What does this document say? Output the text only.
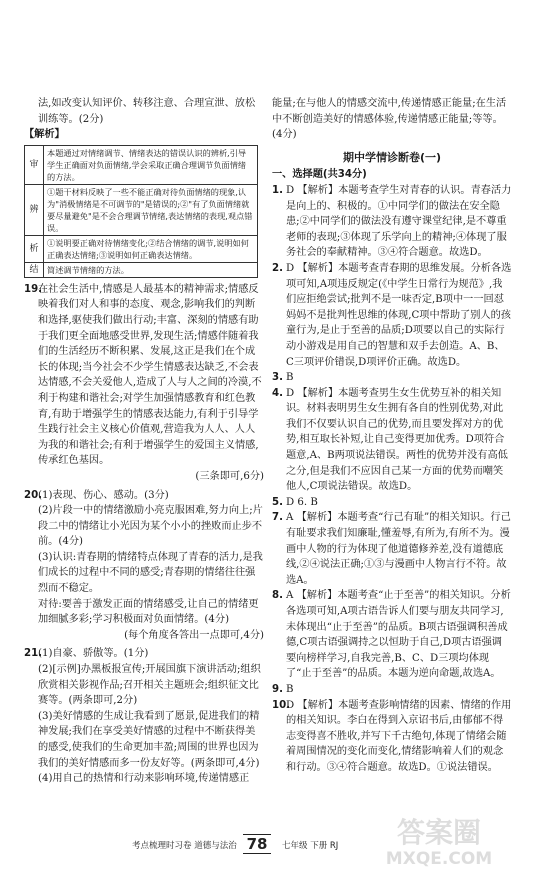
法,如改变认知评价、转移注意、合理宣泄、放松训练等。(2分)

【解析】

审	本题通过对情绪调节、情绪表达的错误认识的辨析,引导学生正确面对负面情绪,学会采取正确合理调节负面情绪的方法。
辨	①题干材料反映了一些不能正确对待负面情绪的现象,认为"消极情绪是不可调节的"是错误的;②"有了负面情绪就要尽量避免"是不会合理调节情绪,表达情绪的表现,观点错误。
析	①说明要正确对待情绪变化;②结合情绪的调节,说明如何正确表达情绪;③说明如何正确表达情绪。
结	简述调节情绪的方法。
19.

在社会生活中,情感是人最基本的精神需求;情感反映着我们对人和事的态度、观念,影响我们的判断和选择,驱使我们做出行动;丰富、深刻的情感有助于我们更全面地感受世界,发现生活;情感伴随着我们的生活经历不断积累、发展,这正是我们在个成长的体现;当今社会不少学生情感表达缺乏,不会表达情感,不会关爱他人,造成了人与人之间的冷漠,不利于构建和谐社会;对学生加强情感教育和红色教育,有助于增强学生的情感表达能力,有利于引导学生践行社会主义核心价值观,营造我为人人、人人为我的和谐社会;有利于增强学生的爱国主义情感,传承红色基因。

(三条即可,6分)

20.

(1)表现、伤心、感动。(3分)

(2)片段一中的情绪激励小亮克服困难,努力向上;片段二中的情绪让小光因为某个小小的挫败而止步不前。(4分)

(3)认识:青春期的情绪特点体现了青春的活力,是我们成长的过程中不同的感受;青春期的情绪往往强烈而不稳定。

对待:要善于激发正面的情绪感受,让自己的情绪更加细腻多彩;学习积极面对负面情绪。(4分)

(每个角度各答出一点即可,4分)

21.

(1)自豪、骄傲等。(1分)

(2)[示例]办黑板报宣传;开展国旗下演讲活动;组织欣赏相关影视作品;召开相关主题班会;组织征文比赛等。(两条即可,2分)

(3)美好情感的生成让我看到了愿景,促进我们的精神发展;我们在享受美好情感的过程中不断获得美的感受,使我们的生命更加丰盈;周围的世界也因为我们的美好情感而多一份友好等。(两条即可,4分)

(4)用自己的热情和行动来影响环境,传递情感正

能量;在与他人的情感交流中,传递情感正能量;在生活中不断创造美好的情感体验,传递情感正能量;等等。(4分)

期中学情诊断卷(一)

一、选择题(共34分)

1. D 【解析】本题考查学生对青春的认识。青春活力是向上的、积极的。①中同学们的做法在安全隐患;②中同学们的做法没有遵守课堂纪律,是不尊重老师的表现;③体现了乐学向上的精神;④体现了服务社会的奉献精神。③④符合题意。故选D。

2. D 【解析】本题考查青春期的思维发展。分析各选项可知,A项违反规定(《中学生日常行为规范》,我们应拒绝尝试;批判不是一味否定,B项中一一回怼妈妈不是批判性思维的体现,C项中帮助了别人的孩童行为,是止于至善的品质;D项要以自己的实际行动小游戏是用自己的智慧和双手去创造。A、B、C三项评价错误,D项评价正确。故选D。

3. B

4. D 【解析】本题考查男生女生优势互补的相关知识。材料表明男生女生拥有各自的性别优势,对此我们不仅要认识自己的优势,而且要发挥对方的优势,相互取长补短,让自己变得更加优秀。D项符合题意,A、B两项说法错误。两性的优势并没有高低之分,但是我们不应因自己某一方面的优势而嘲笑他人,C项说法错误。故选D。

5. D 6. B

7. A 【解析】本题考查“行己有耻”的相关知识。行己有耻要求我们知廉耻,懂羞辱,有所为,有所不为。漫画中人物的行为体现了他道德修养差,没有道德底线,②④说法正确;①③与漫画中人物言行不符。故选A。

8. A 【解析】本题考查“止于至善”的相关知识。分析各选项可知,A项古语告诉人们要与朋友共同学习,未体现出“止于至善”的品质。B项古语强调积善成德,C项古语强调持之以恒助于自己,D项古语强调要向榜样学习,自我完善,B、C、D三项均体现了“止于至善”的品质。本题为逆向命题,故选A。

9. B

10.

D 【解析】本题考查影响情绪的因素、情绪的作用的相关知识。李白在得到入京诏书后,由郁郁不得志变得喜不胜收,并写下千古绝句,体现了情绪会随着周围情况的变化而变化,情绪影响着人们的观念和行动。③④符合题意。故选D。①说法错误。

考点梳理时习卷 道德与法治 78	七年级 下册 RJ 答案圈
MXQE.COM
